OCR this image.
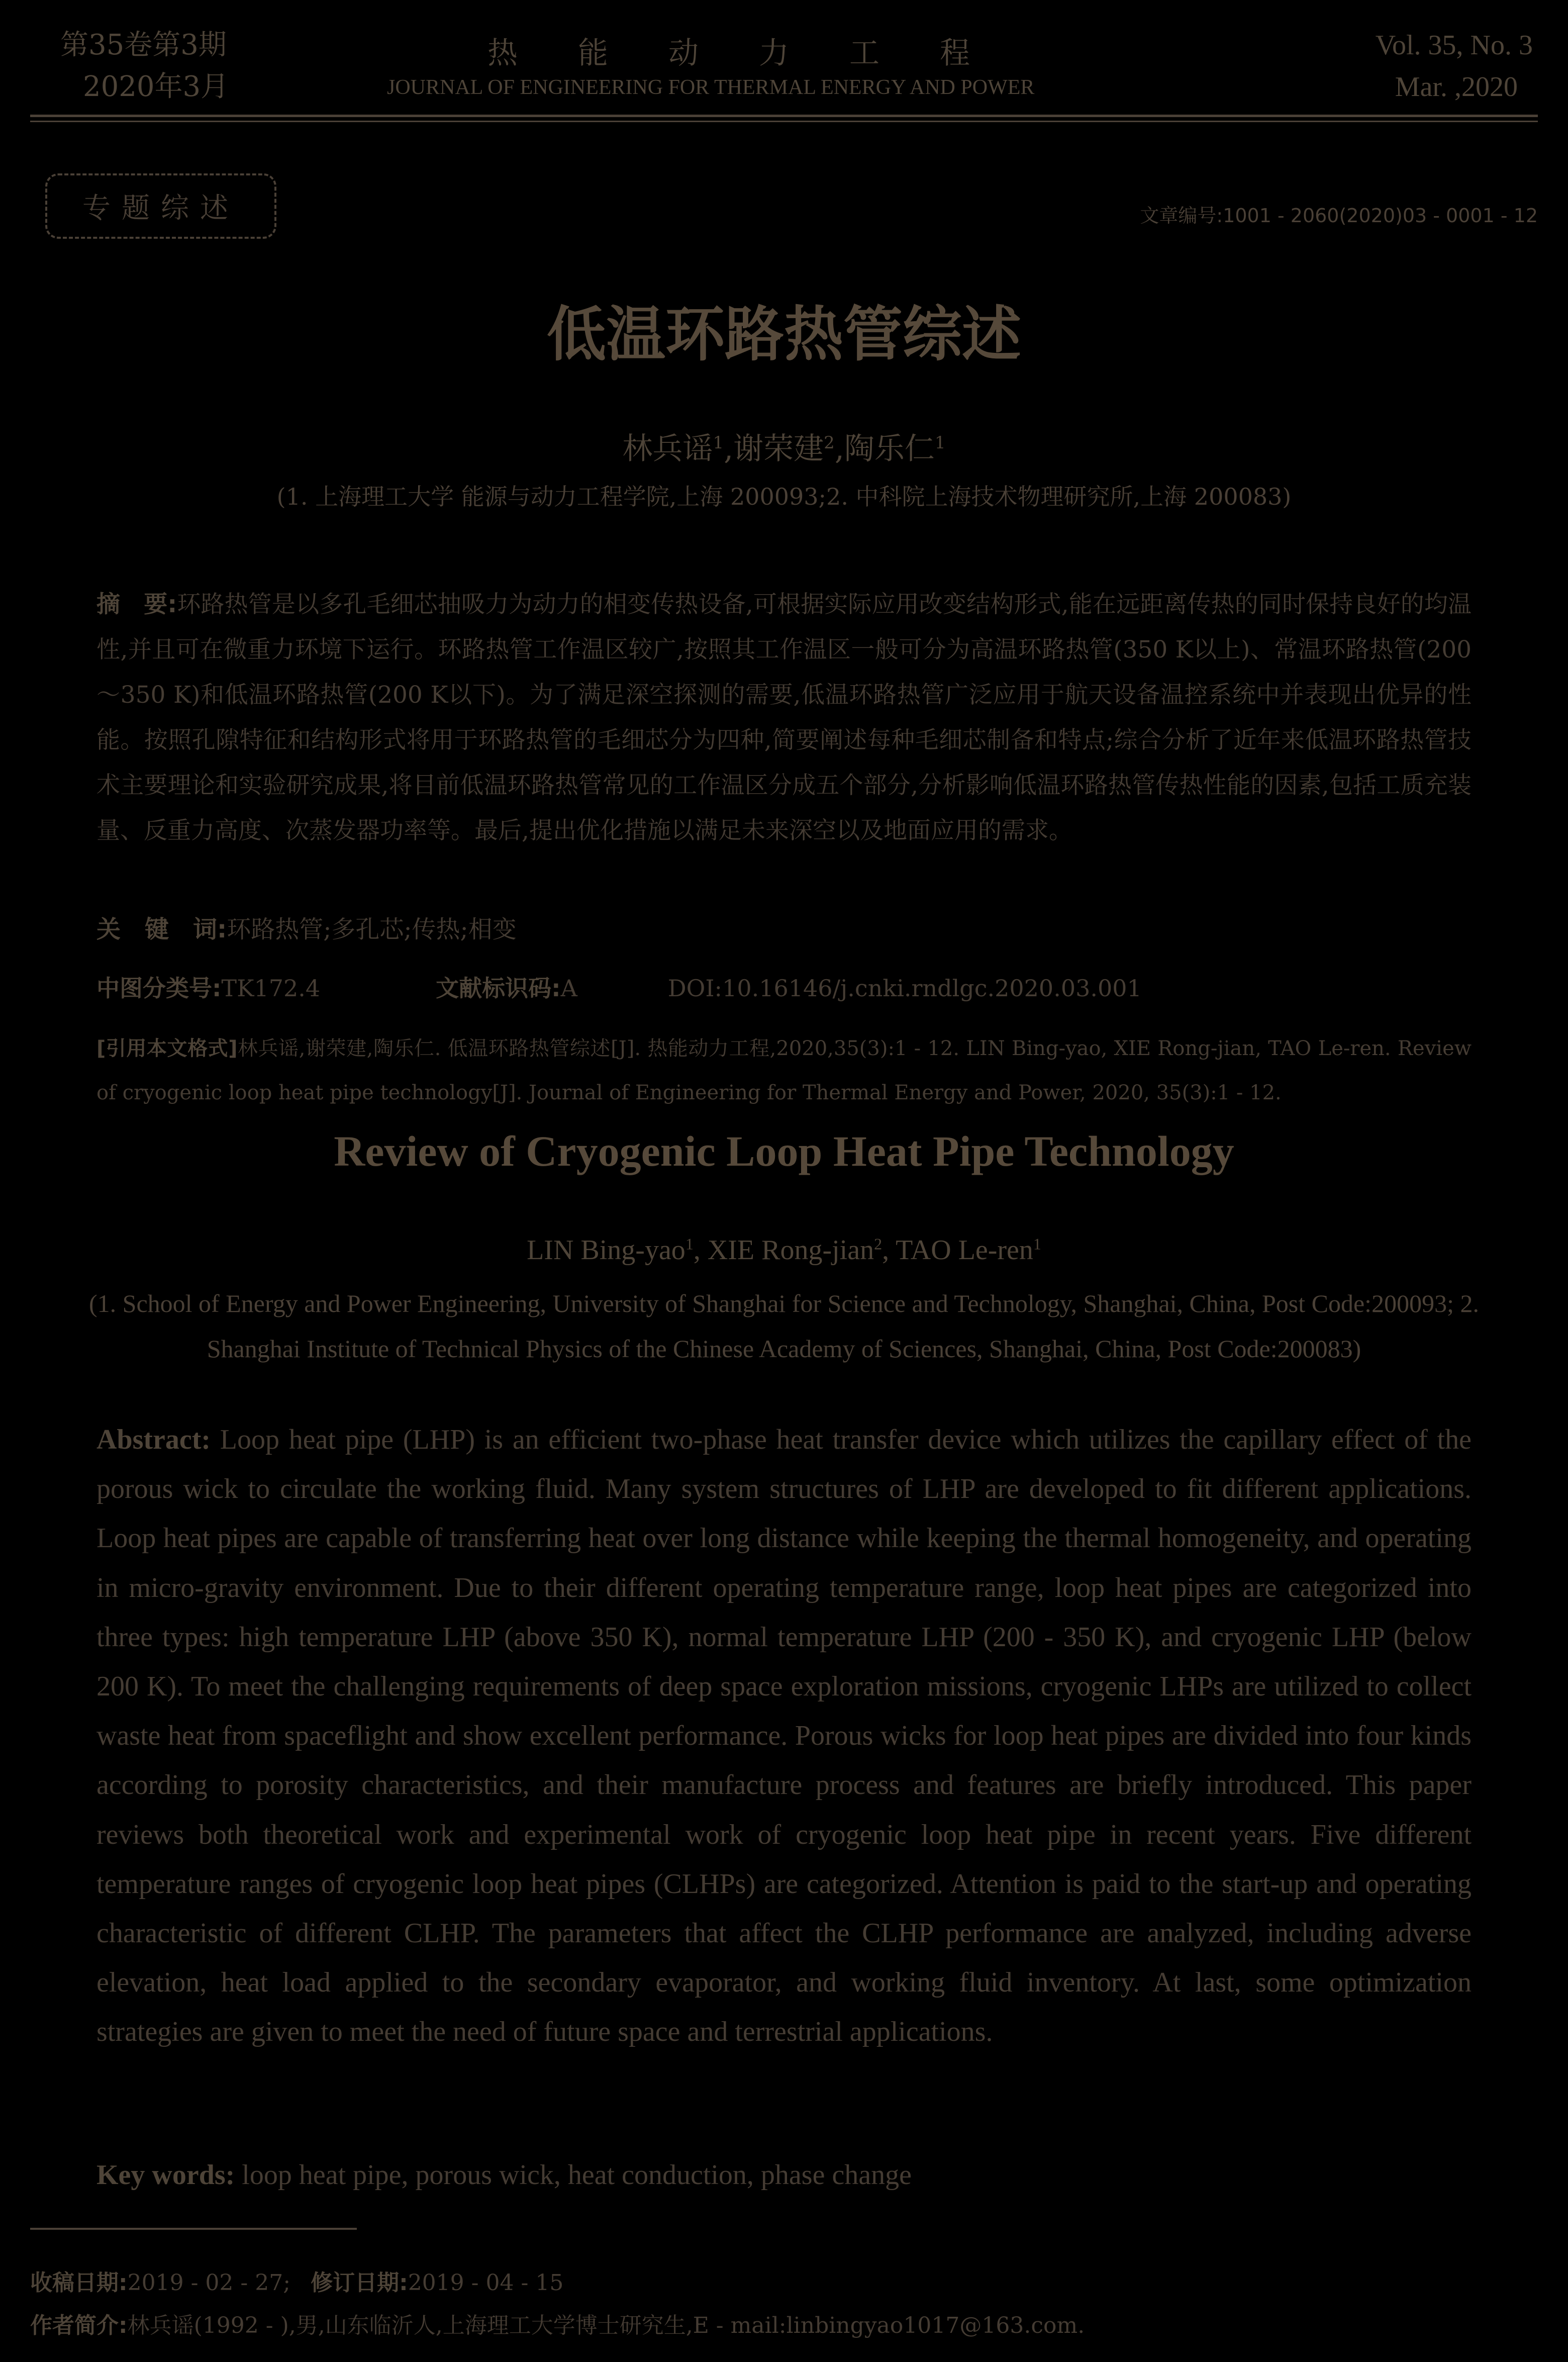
第35卷第3期
2020年3月
热　　能　　动　　力　　工　　程
JOURNAL OF ENGINEERING FOR THERMAL ENERGY AND POWER
Vol. 35, No. 3
Mar. ,2020
专题综述	文章编号:1001 - 2060(2020)03 - 0001 - 12
低温环路热管综述
林兵谣$^1$,谢荣建$^2$,陶乐仁$^1$
(1. 上海理工大学 能源与动力工程学院,上海 200093;2. 中科院上海技术物理研究所,上海 200083)
摘　要:环路热管是以多孔毛细芯抽吸力为动力的相变传热设备,可根据实际应用改变结构形式,能在远距离传热的同时保持良好的均温性,并且可在微重力环境下运行。环路热管工作温区较广,按照其工作温区一般可分为高温环路热管(350 K以上)、常温环路热管(200～350 K)和低温环路热管(200 K以下)。为了满足深空探测的需要,低温环路热管广泛应用于航天设备温控系统中并表现出优异的性能。按照孔隙特征和结构形式将用于环路热管的毛细芯分为四种,简要阐述每种毛细芯制备和特点;综合分析了近年来低温环路热管技术主要理论和实验研究成果,将目前低温环路热管常见的工作温区分成五个部分,分析影响低温环路热管传热性能的因素,包括工质充装量、反重力高度、次蒸发器功率等。最后,提出优化措施以满足未来深空以及地面应用的需求。
关　键　词:环路热管;多孔芯;传热;相变
中图分类号:TK172.4	文献标识码:A	DOI:10.16146/j.cnki.rndlgc.2020.03.001
[引用本文格式]林兵谣,谢荣建,陶乐仁. 低温环路热管综述[J]. 热能动力工程,2020,35(3):1 - 12. LIN Bing-yao, XIE Rong-jian, TAO Le-ren. Review of cryogenic loop heat pipe technology[J]. Journal of Engineering for Thermal Energy and Power, 2020, 35(3):1 - 12.
Review of Cryogenic Loop Heat Pipe Technology
LIN Bing-yao$^1$, XIE Rong-jian$^2$, TAO Le-ren$^1$
(1. School of Energy and Power Engineering, University of Shanghai for Science and Technology, Shanghai, China, Post Code:200093; 2. Shanghai Institute of Technical Physics of the Chinese Academy of Sciences, Shanghai, China, Post Code:200083)
Abstract: Loop heat pipe (LHP) is an efficient two-phase heat transfer device which utilizes the capillary effect of the porous wick to circulate the working fluid. Many system structures of LHP are developed to fit different applications. Loop heat pipes are capable of transferring heat over long distance while keeping the thermal homogeneity, and operating in micro-gravity environment. Due to their different operating temperature range, loop heat pipes are categorized into three types: high temperature LHP (above 350 K), normal temperature LHP (200 - 350 K), and cryogenic LHP (below 200 K). To meet the challenging requirements of deep space exploration missions, cryogenic LHPs are utilized to collect waste heat from spaceflight and show excellent performance. Porous wicks for loop heat pipes are divided into four kinds according to porosity characteristics, and their manufacture process and features are briefly introduced. This paper reviews both theoretical work and experimental work of cryogenic loop heat pipe in recent years. Five different temperature ranges of cryogenic loop heat pipes (CLHPs) are categorized. Attention is paid to the start-up and operating characteristic of different CLHP. The parameters that affect the CLHP performance are analyzed, including adverse elevation, heat load applied to the secondary evaporator, and working fluid inventory. At last, some optimization strategies are given to meet the need of future space and terrestrial applications.
Key words: loop heat pipe, porous wick, heat conduction, phase change
收稿日期:2019 - 02 - 27; 修订日期:2019 - 04 - 15
作者简介:林兵谣(1992 - ),男,山东临沂人,上海理工大学博士研究生,E - mail:linbingyao1017@163.com.
